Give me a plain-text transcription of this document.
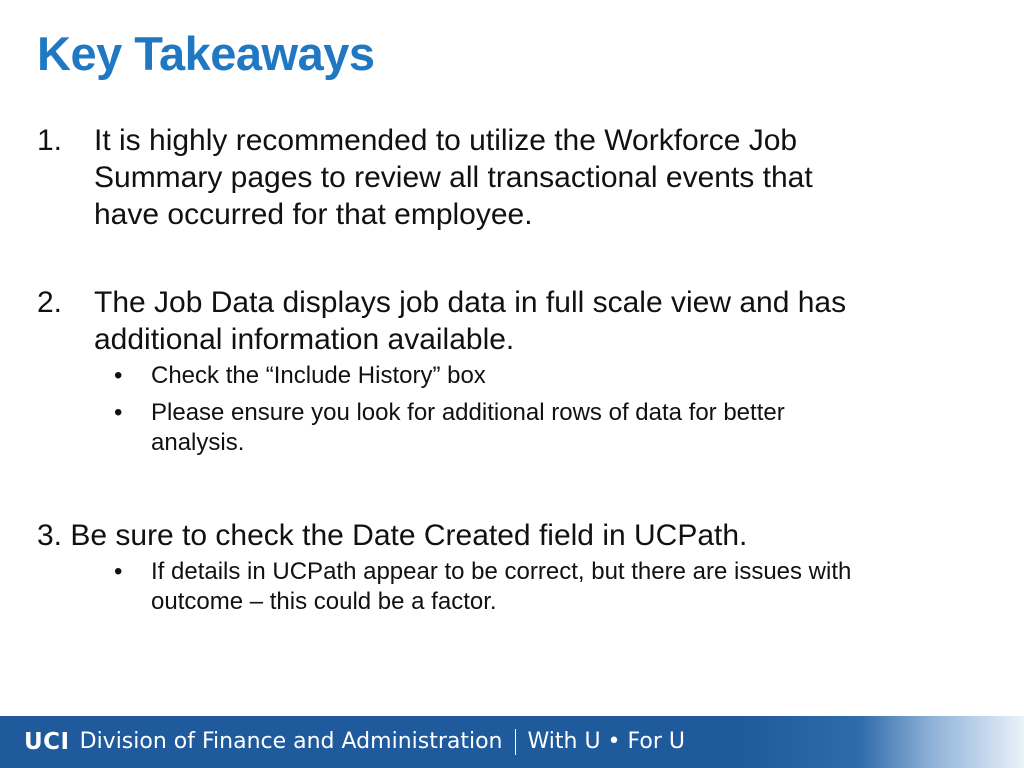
Key Takeaways
1. It is highly recommended to utilize the Workforce Job
Summary pages to review all transactional events that
have occurred for that employee.
2. The Job Data displays job data in full scale view and has
additional information available.
• Check the “Include History” box
• Please ensure you look for additional rows of data for better
analysis.
3. Be sure to check the Date Created field in UCPath.
• If details in UCPath appear to be correct, but there are issues with
outcome – this could be a factor.
UCI Division of Finance and Administration With U • For U
